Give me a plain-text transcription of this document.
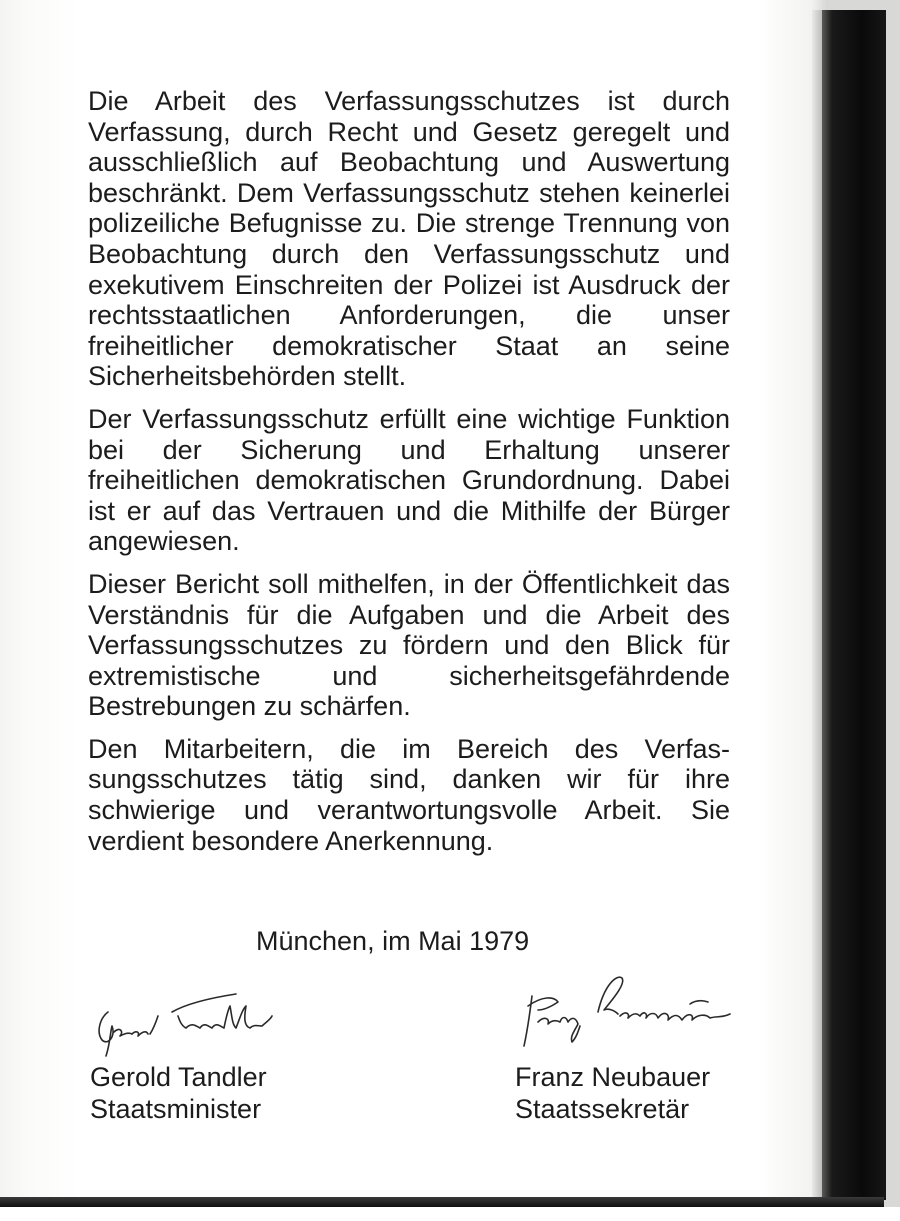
Die Arbeit des Verfassungsschutzes ist durch Verfassung, durch Recht und Gesetz geregelt und ausschließlich auf Beobachtung und Auswertung beschränkt. Dem Verfassungsschutz stehen keinerlei polizeiliche Befugnisse zu. Die strenge Trennung von Beobachtung durch den Verfassungsschutz und exekutivem Einschreiten der Polizei ist Ausdruck der rechtsstaatlichen Anforderungen, die unser freiheitlicher demokratischer Staat an seine Sicherheitsbehörden stellt.

Der Verfassungsschutz erfüllt eine wichtige Funktion bei der Sicherung und Erhaltung unserer freiheitlichen demokratischen Grundordnung. Dabei ist er auf das Vertrauen und die Mithilfe der Bürger angewiesen.

Dieser Bericht soll mithelfen, in der Öffentlichkeit das Verständnis für die Aufgaben und die Arbeit des Verfassungsschutzes zu fördern und den Blick für extremistische und sicherheitsgefährdende Bestrebungen zu schärfen.

Den Mitarbeitern, die im Bereich des Verfassungsschutzes tätig sind, danken wir für ihre schwierige und verantwortungsvolle Arbeit. Sie verdient besondere Anerkennung.

München, im Mai 1979
Gerold Tandler
Staatsminister
Franz Neubauer
Staatssekretär
